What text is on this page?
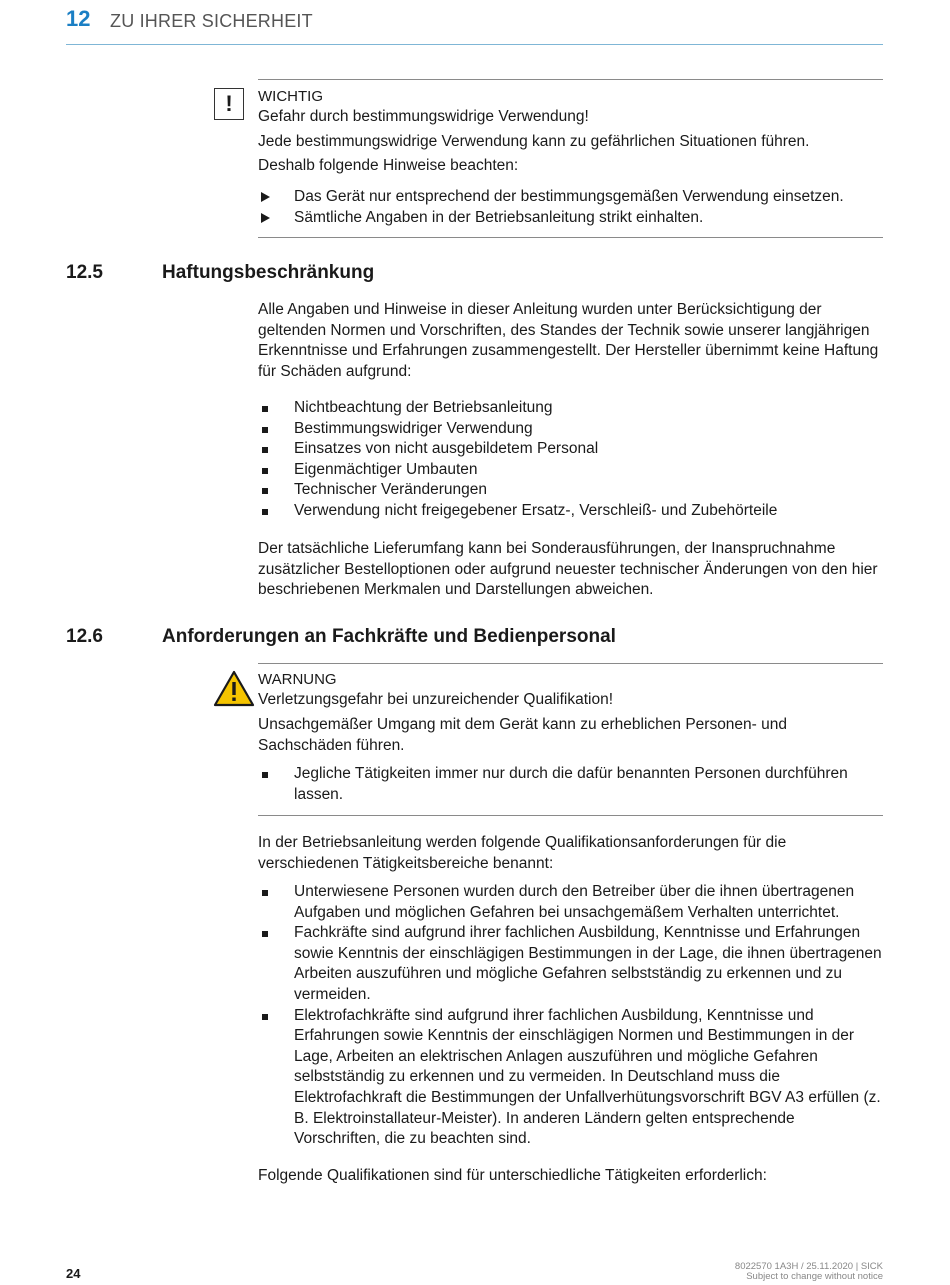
12 ZU IHRER SICHERHEIT
!	WICHTIG
Gefahr durch bestimmungswidrige Verwendung!
Jede bestimmungswidrige Verwendung kann zu gefährlichen Situationen führen.
Deshalb folgende Hinweise beachten:
Das Gerät nur entsprechend der bestimmungsgemäßen Verwendung einsetzen.
Sämtliche Angaben in der Betriebsanleitung strikt einhalten.
12.5	Haftungsbeschränkung
Alle Angaben und Hinweise in dieser Anleitung wurden unter Berücksichtigung der geltenden Normen und Vorschriften, des Standes der Technik sowie unserer langjährigen Erkenntnisse und Erfahrungen zusammengestellt. Der Hersteller übernimmt keine Haftung für Schäden aufgrund:
Nichtbeachtung der Betriebsanleitung
Bestimmungswidriger Verwendung
Einsatzes von nicht ausgebildetem Personal
Eigenmächtiger Umbauten
Technischer Veränderungen
Verwendung nicht freigegebener Ersatz-, Verschleiß- und Zubehörteile
Der tatsächliche Lieferumfang kann bei Sonderausführungen, der Inanspruchnahme zusätzlicher Bestelloptionen oder aufgrund neuester technischer Änderungen von den hier beschriebenen Merkmalen und Darstellungen abweichen.
12.6	Anforderungen an Fachkräfte und Bedienpersonal
WARNUNG
Verletzungsgefahr bei unzureichender Qualifikation!
Unsachgemäßer Umgang mit dem Gerät kann zu erheblichen Personen- und Sachschäden führen.
Jegliche Tätigkeiten immer nur durch die dafür benannten Personen durchführen lassen.
In der Betriebsanleitung werden folgende Qualifikationsanforderungen für die verschiedenen Tätigkeitsbereiche benannt:
Unterwiesene Personen wurden durch den Betreiber über die ihnen übertragenen Aufgaben und möglichen Gefahren bei unsachgemäßem Verhalten unterrichtet.
Fachkräfte sind aufgrund ihrer fachlichen Ausbildung, Kenntnisse und Erfahrungen sowie Kenntnis der einschlägigen Bestimmungen in der Lage, die ihnen übertragenen Arbeiten auszuführen und mögliche Gefahren selbstständig zu erkennen und zu vermeiden.
Elektrofachkräfte sind aufgrund ihrer fachlichen Ausbildung, Kenntnisse und Erfahrungen sowie Kenntnis der einschlägigen Normen und Bestimmungen in der Lage, Arbeiten an elektrischen Anlagen auszuführen und mögliche Gefahren selbstständig zu erkennen und zu vermeiden. In Deutschland muss die Elektrofachkraft die Bestimmungen der Unfallverhütungsvorschrift BGV A3 erfüllen (z. B. Elektroinstallateur-Meister). In anderen Ländern gelten entsprechende Vorschriften, die zu beachten sind.
Folgende Qualifikationen sind für unterschiedliche Tätigkeiten erforderlich:
24	8022570 1A3H / 25.11.2020 | SICK
Subject to change without notice
